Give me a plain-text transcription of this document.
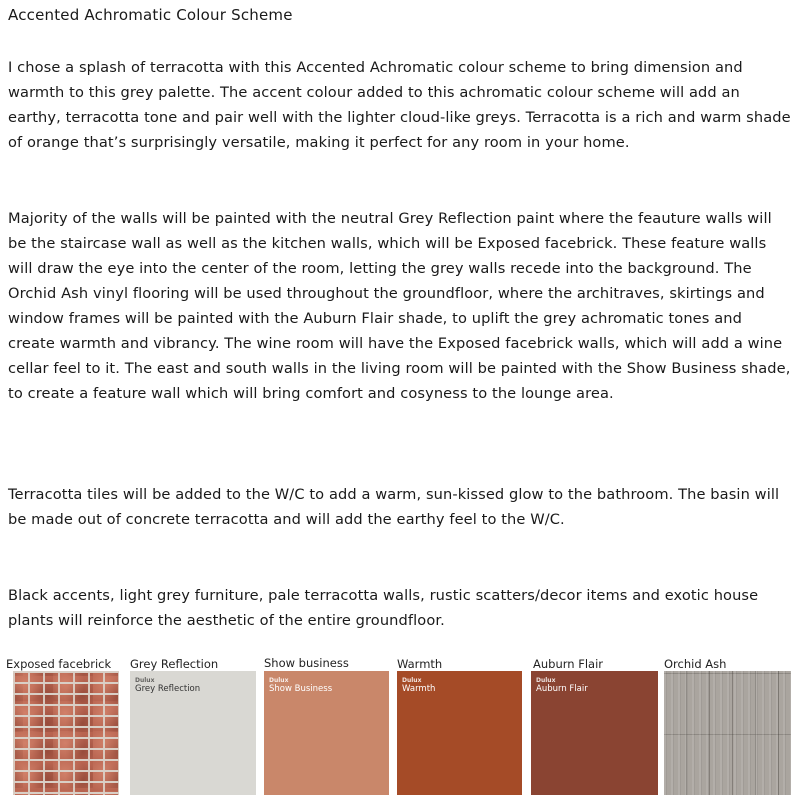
Accented Achromatic Colour Scheme

I chose a splash of terracotta with this Accented Achromatic colour scheme to bring dimension and warmth to this grey palette. The accent colour added to this achromatic colour scheme will add an earthy, terracotta tone and pair well with the lighter cloud-like greys. Terracotta is a rich and warm shade of orange that’s surprisingly versatile, making it perfect for any room in your home.

Majority of the walls will be painted with the neutral Grey Reflection paint where the feauture walls will be the staircase wall as well as the kitchen walls, which will be Exposed facebrick. These feature walls will draw the eye into the center of the room, letting the grey walls recede into the background. The Orchid Ash vinyl flooring will be used throughout the groundfloor, where the architraves, skirtings and window frames will be painted with the Auburn Flair shade, to uplift the grey achromatic tones and create warmth and vibrancy. The wine room will have the Exposed facebrick walls, which will add a wine cellar feel to it. The east and south walls in the living room will be painted with the Show Business shade, to create a feature wall which will bring comfort and cosyness to the lounge area.

Terracotta tiles will be added to the W/C to add a warm, sun-kissed glow to the bathroom. The basin will be made out of concrete terracotta and will add the earthy feel to the W/C.

Black accents, light grey furniture, pale terracotta walls, rustic scatters/decor items and exotic house plants will reinforce the aesthetic of the entire groundfloor.

Exposed facebrick Grey Reflection
Dulux
Grey Reflection
Show business
Dulux
Show Business
Warmth
Dulux
Warmth
Auburn Flair
Dulux
Auburn Flair
Orchid Ash
